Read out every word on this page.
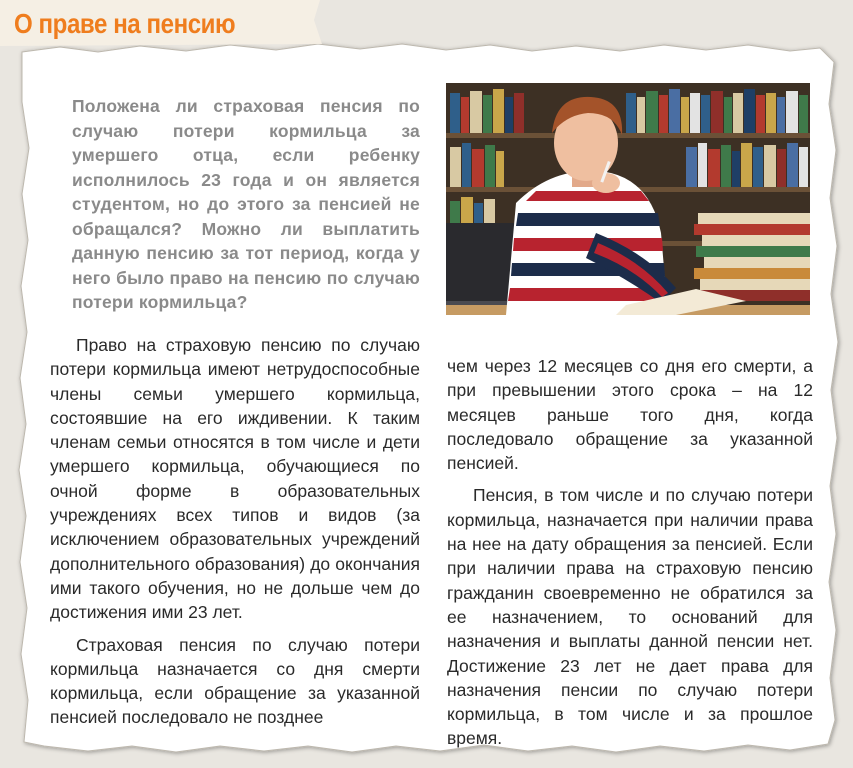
О праве на пенсию
Положена ли страховая пенсия по случаю потери кормильца за умершего отца, если ребенку исполнилось 23 года и он является студентом, но до этого за пенсией не обращался? Можно ли выплатить данную пенсию за тот период, когда у него было право на пенсию по случаю потери кормильца?

Право на страховую пенсию по случаю потери кормильца имеют нетрудоспособные члены семьи умершего кормильца, состоявшие на его иждивении. К таким членам семьи относятся в том числе и дети умершего кормильца, обучающиеся по очной форме в образовательных учреждениях всех типов и видов (за исключением образовательных учреждений дополнительного образования) до окончания ими такого обучения, но не дольше чем до достижения ими 23 лет.

Страховая пенсия по случаю потери кормильца назначается со дня смерти кормильца, если обращение за указанной пенсией последовало не позднее

чем через 12 месяцев со дня его смерти, а при превышении этого срока – на 12 месяцев раньше того дня, когда последовало обращение за указанной пенсией.

Пенсия, в том числе и по случаю потери кормильца, назначается при наличии права на нее на дату обращения за пенсией. Если при наличии права на страховую пенсию гражданин своевременно не обратился за ее назначением, то оснований для назначения и выплаты данной пенсии нет. Достижение 23 лет не дает права для назначения пенсии по случаю потери кормильца, в том числе и за прошлое время.
